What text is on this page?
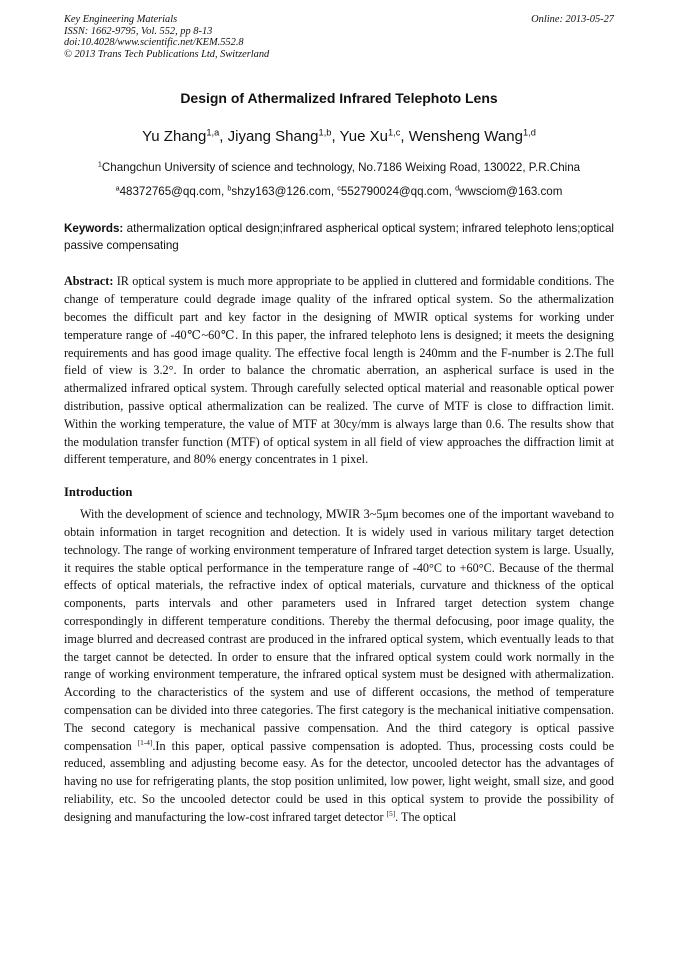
Key Engineering Materials
ISSN: 1662-9795, Vol. 552, pp 8-13
doi:10.4028/www.scientific.net/KEM.552.8
© 2013 Trans Tech Publications Ltd, Switzerland
Online: 2013-05-27
Design of Athermalized Infrared Telephoto Lens
Yu Zhang$^{1,a}$, Jiyang Shang$^{1,b}$, Yue Xu$^{1,c}$, Wensheng Wang$^{1,d}$
$^1$Changchun University of science and technology, No.7186 Weixing Road, 130022, P.R.China
$^a$48372765@qq.com, $^b$shzy163@126.com, $^c$552790024@qq.com, $^d$wwsciom@163.com
Keywords: athermalization optical design;infrared aspherical optical system; infrared telephoto lens;optical passive compensating
Abstract: IR optical system is much more appropriate to be applied in cluttered and formidable conditions. The change of temperature could degrade image quality of the infrared optical system. So the athermalization becomes the difficult part and key factor in the designing of MWIR optical systems for working under temperature range of -40℃~60℃. In this paper, the infrared telephoto lens is designed; it meets the designing requirements and has good image quality. The effective focal length is 240mm and the F-number is 2.The full field of view is 3.2°. In order to balance the chromatic aberration, an aspherical surface is used in the athermalized infrared optical system. Through carefully selected optical material and reasonable optical power distribution, passive optical athermalization can be realized. The curve of MTF is close to diffraction limit. Within the working temperature, the value of MTF at 30cy/mm is always large than 0.6. The results show that the modulation transfer function (MTF) of optical system in all field of view approaches the diffraction limit at different temperature, and 80% energy concentrates in 1 pixel.
Introduction
With the development of science and technology, MWIR 3~5μm becomes one of the important waveband to obtain information in target recognition and detection. It is widely used in various military target detection technology. The range of working environment temperature of Infrared target detection system is large. Usually, it requires the stable optical performance in the temperature range of -40°C to +60°C. Because of the thermal effects of optical materials, the refractive index of optical materials, curvature and thickness of the optical components, parts intervals and other parameters used in Infrared target detection system change correspondingly in different temperature conditions. Thereby the thermal defocusing, poor image quality, the image blurred and decreased contrast are produced in the infrared optical system, which eventually leads to that the target cannot be detected. In order to ensure that the infrared optical system could work normally in the range of working environment temperature, the infrared optical system must be designed with athermalization. According to the characteristics of the system and use of different occasions, the method of temperature compensation can be divided into three categories. The first category is the mechanical initiative compensation. The second category is mechanical passive compensation. And the third category is optical passive compensation [1-4].In this paper, optical passive compensation is adopted. Thus, processing costs could be reduced, assembling and adjusting become easy. As for the detector, uncooled detector has the advantages of having no use for refrigerating plants, the stop position unlimited, low power, light weight, small size, and good reliability, etc. So the uncooled detector could be used in this optical system to provide the possibility of designing and manufacturing the low-cost infrared target detector [5]. The optical
